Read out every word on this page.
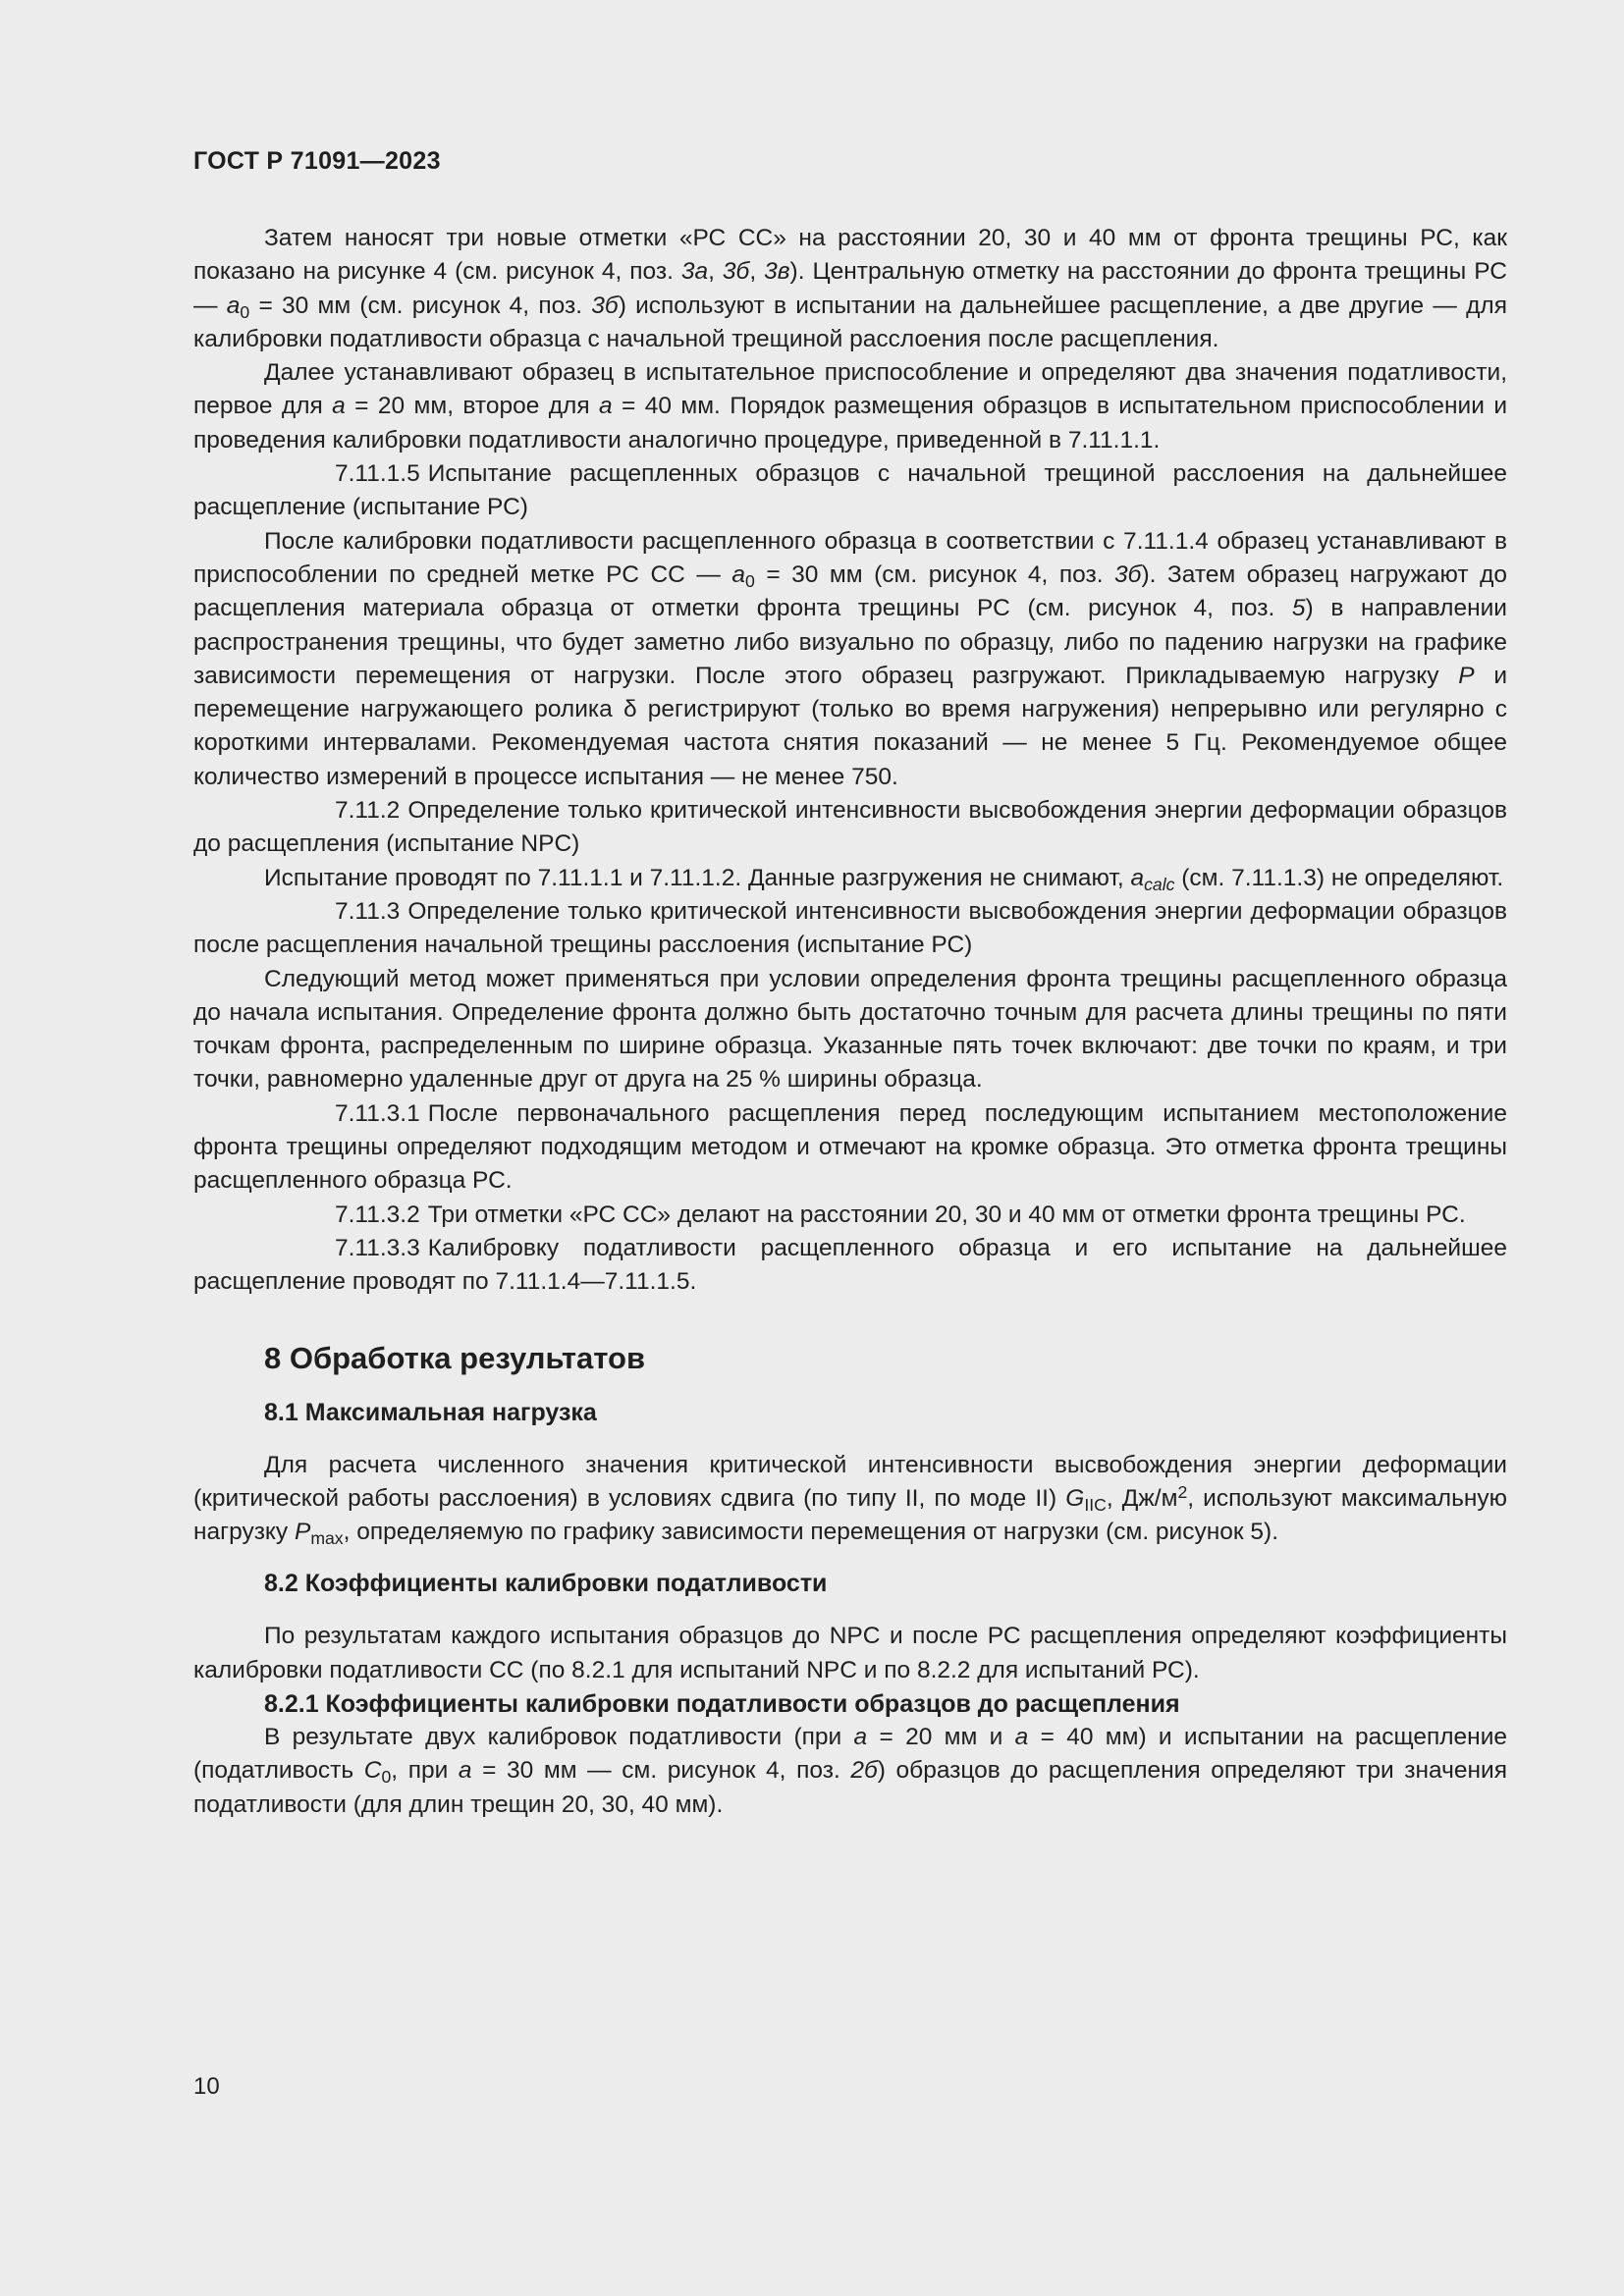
ГОСТ Р 71091—2023

Затем наносят три новые отметки «РС СС» на расстоянии 20, 30 и 40 мм от фронта трещины РС, как показано на рисунке 4 (см. рисунок 4, поз. 3а, 3б, 3в). Центральную отметку на расстоянии до фронта трещины РС — $a_0 = 30$ мм (см. рисунок 4, поз. 3б) используют в испытании на дальнейшее расщепление, а две другие — для калибровки податливости образца с начальной трещиной расслоения после расщепления.

Далее устанавливают образец в испытательное приспособление и определяют два значения податливости, первое для a = 20 мм, второе для a = 40 мм. Порядок размещения образцов в испытательном приспособлении и проведения калибровки податливости аналогично процедуре, приведенной в 7.11.1.1.

7.11.1.5 Испытание расщепленных образцов с начальной трещиной расслоения на дальнейшее расщепление (испытание РС)

После калибровки податливости расщепленного образца в соответствии с 7.11.1.4 образец устанавливают в приспособлении по средней метке РС СС — $a_0 = 30$ мм (см. рисунок 4, поз. 3б). Затем образец нагружают до расщепления материала образца от отметки фронта трещины РС (см. рисунок 4, поз. 5) в направлении распространения трещины, что будет заметно либо визуально по образцу, либо по падению нагрузки на графике зависимости перемещения от нагрузки. После этого образец разгружают. Прикладываемую нагрузку P и перемещение нагружающего ролика δ регистрируют (только во время нагружения) непрерывно или регулярно с короткими интервалами. Рекомендуемая частота снятия показаний — не менее 5 Гц. Рекомендуемое общее количество измерений в процессе испытания — не менее 750.

7.11.2 Определение только критической интенсивности высвобождения энергии деформации образцов до расщепления (испытание NPC)

Испытание проводят по 7.11.1.1 и 7.11.1.2. Данные разгружения не снимают, $a_{calc}$ (см. 7.11.1.3) не определяют.

7.11.3 Определение только критической интенсивности высвобождения энергии деформации образцов после расщепления начальной трещины расслоения (испытание РС)

Следующий метод может применяться при условии определения фронта трещины расщепленного образца до начала испытания. Определение фронта должно быть достаточно точным для расчета длины трещины по пяти точкам фронта, распределенным по ширине образца. Указанные пять точек включают: две точки по краям, и три точки, равномерно удаленные друг от друга на 25 % ширины образца.

7.11.3.1 После первоначального расщепления перед последующим испытанием местоположение фронта трещины определяют подходящим методом и отмечают на кромке образца. Это отметка фронта трещины расщепленного образца РС.

7.11.3.2 Три отметки «РС СС» делают на расстоянии 20, 30 и 40 мм от отметки фронта трещины РС.

7.11.3.3 Калибровку податливости расщепленного образца и его испытание на дальнейшее расщепление проводят по 7.11.1.4—7.11.1.5.

8 Обработка результатов
8.1 Максимальная нагрузка

Для расчета численного значения критической интенсивности высвобождения энергии деформации (критической работы расслоения) в условиях сдвига (по типу II, по моде II) $G_{IIC}$, $Дж/м^2$, используют максимальную нагрузку $P_{max}$, определяемую по графику зависимости перемещения от нагрузки (см. рисунок 5).

8.2 Коэффициенты калибровки податливости

По результатам каждого испытания образцов до NPC и после РС расщепления определяют коэффициенты калибровки податливости СС (по 8.2.1 для испытаний NPC и по 8.2.2 для испытаний РС).

8.2.1 Коэффициенты калибровки податливости образцов до расщепления

В результате двух калибровок податливости (при a = 20 мм и a = 40 мм) и испытании на расщепление (податливость $C_0$, при a = 30 мм — см. рисунок 4, поз. 2б) образцов до расщепления определяют три значения податливости (для длин трещин 20, 30, 40 мм).

10
